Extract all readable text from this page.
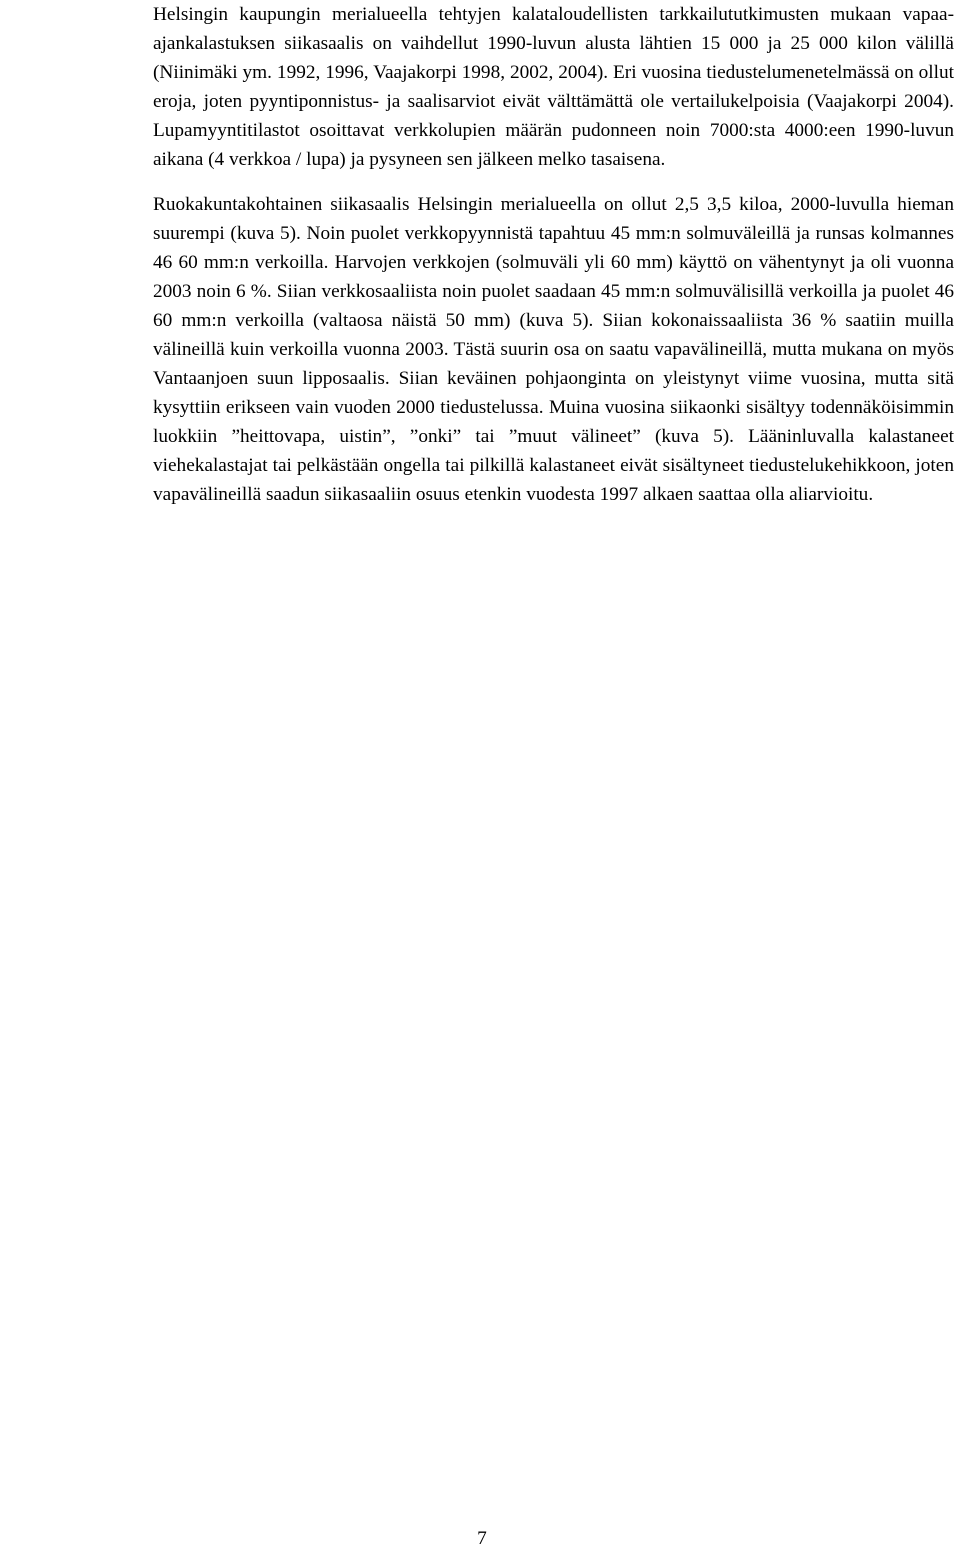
Helsingin kaupungin merialueella tehtyjen kalataloudellisten tarkkailututkimusten mukaan vapaa-ajankalastuksen siikasaalis on vaihdellut 1990-luvun alusta lähtien 15 000 ja 25 000 kilon välillä (Niinimäki ym. 1992, 1996, Vaajakorpi 1998, 2002, 2004). Eri vuosina tiedustelumenetelmässä on ollut eroja, joten pyyntiponnistus- ja saalisarviot eivät välttämättä ole vertailukelpoisia (Vaajakorpi 2004). Lupamyyntitilastot osoittavat verkkolupien määrän pudonneen noin 7000:sta 4000:een 1990-luvun aikana (4 verkkoa / lupa) ja pysyneen sen jälkeen melko tasaisena.

Ruokakuntakohtainen siikasaalis Helsingin merialueella on ollut 2,5 3,5 kiloa, 2000-luvulla hieman suurempi (kuva 5). Noin puolet verkkopyynnistä tapahtuu 45 mm:n solmuväleillä ja runsas kolmannes 46 60 mm:n verkoilla. Harvojen verkkojen (solmuväli yli 60 mm) käyttö on vähentynyt ja oli vuonna 2003 noin 6 %. Siian verkkosaaliista noin puolet saadaan 45 mm:n solmuvälisillä verkoilla ja puolet 46 60 mm:n verkoilla (valtaosa näistä 50 mm) (kuva 5). Siian kokonaissaaliista 36 % saatiin muilla välineillä kuin verkoilla vuonna 2003. Tästä suurin osa on saatu vapavälineillä, mutta mukana on myös Vantaanjoen suun lipposaalis. Siian keväinen pohjaonginta on yleistynyt viime vuosina, mutta sitä kysyttiin erikseen vain vuoden 2000 tiedustelussa. Muina vuosina siikaonki sisältyy todennäköisimmin luokkiin ”heittovapa, uistin”, ”onki” tai ”muut välineet” (kuva 5). Lääninluvalla kalastaneet viehekalastajat tai pelkästään ongella tai pilkillä kalastaneet eivät sisältyneet tiedustelukehikkoon, joten vapavälineillä saadun siikasaaliin osuus etenkin vuodesta 1997 alkaen saattaa olla aliarvioitu.

7
